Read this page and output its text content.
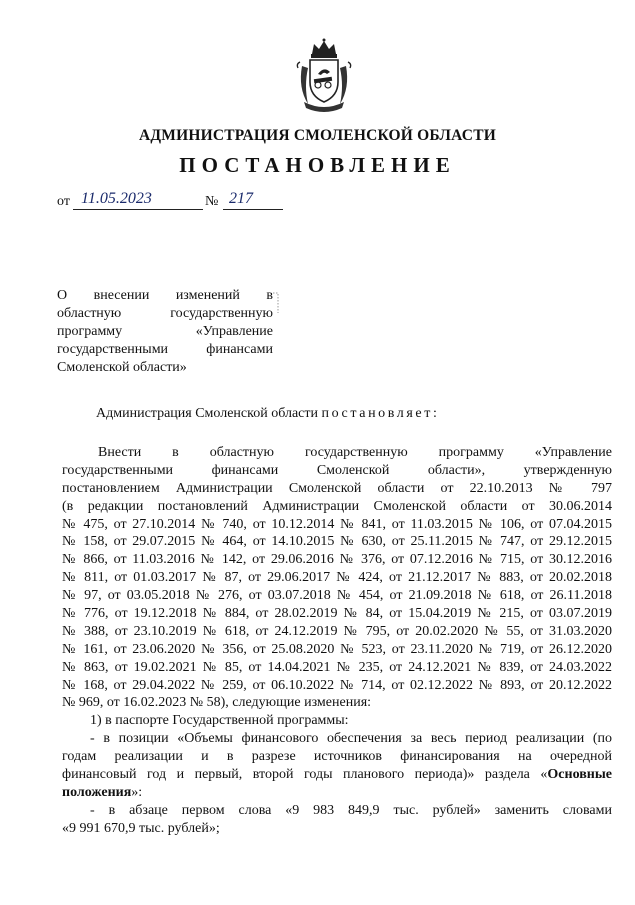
АДМИНИСТРАЦИЯ СМОЛЕНСКОЙ ОБЛАСТИ
ПОСТАНОВЛЕНИЕ
от 11.05.2023	№ 217
О внесении изменений в
областную государственную
программу «Управление
государственными финансами
Смоленской области»
Администрация Смоленской области постановляет:
Внести в областную государственную программу «Управление
государственными финансами Смоленской области», утвержденную
постановлением Администрации Смоленской области от 22.10.2013 № 797
(в редакции постановлений Администрации Смоленской области от 30.06.2014
№ 475, от 27.10.2014 № 740, от 10.12.2014 № 841, от 11.03.2015 № 106, от 07.04.2015
№ 158, от 29.07.2015 № 464, от 14.10.2015 № 630, от 25.11.2015 № 747, от 29.12.2015
№ 866, от 11.03.2016 № 142, от 29.06.2016 № 376, от 07.12.2016 № 715, от 30.12.2016
№ 811, от 01.03.2017 № 87, от 29.06.2017 № 424, от 21.12.2017 № 883, от 20.02.2018
№ 97, от 03.05.2018 № 276, от 03.07.2018 № 454, от 21.09.2018 № 618, от 26.11.2018
№ 776, от 19.12.2018 № 884, от 28.02.2019 № 84, от 15.04.2019 № 215, от 03.07.2019
№ 388, от 23.10.2019 № 618, от 24.12.2019 № 795, от 20.02.2020 № 55, от 31.03.2020
№ 161, от 23.06.2020 № 356, от 25.08.2020 № 523, от 23.11.2020 № 719, от 26.12.2020
№ 863, от 19.02.2021 № 85, от 14.04.2021 № 235, от 24.12.2021 № 839, от 24.03.2022
№ 168, от 29.04.2022 № 259, от 06.10.2022 № 714, от 02.12.2022 № 893, от 20.12.2022
№ 969, от 16.02.2023 № 58), следующие изменения:
1) в паспорте Государственной программы:
- в позиции «Объемы финансового обеспечения за весь период реализации (по
годам реализации и в разрезе источников финансирования на очередной
финансовый год и первый, второй годы планового периода)» раздела «Основные
положения»:
- в абзаце первом слова «9 983 849,9 тыс. рублей» заменить словами
«9 991 670,9 тыс. рублей»;
